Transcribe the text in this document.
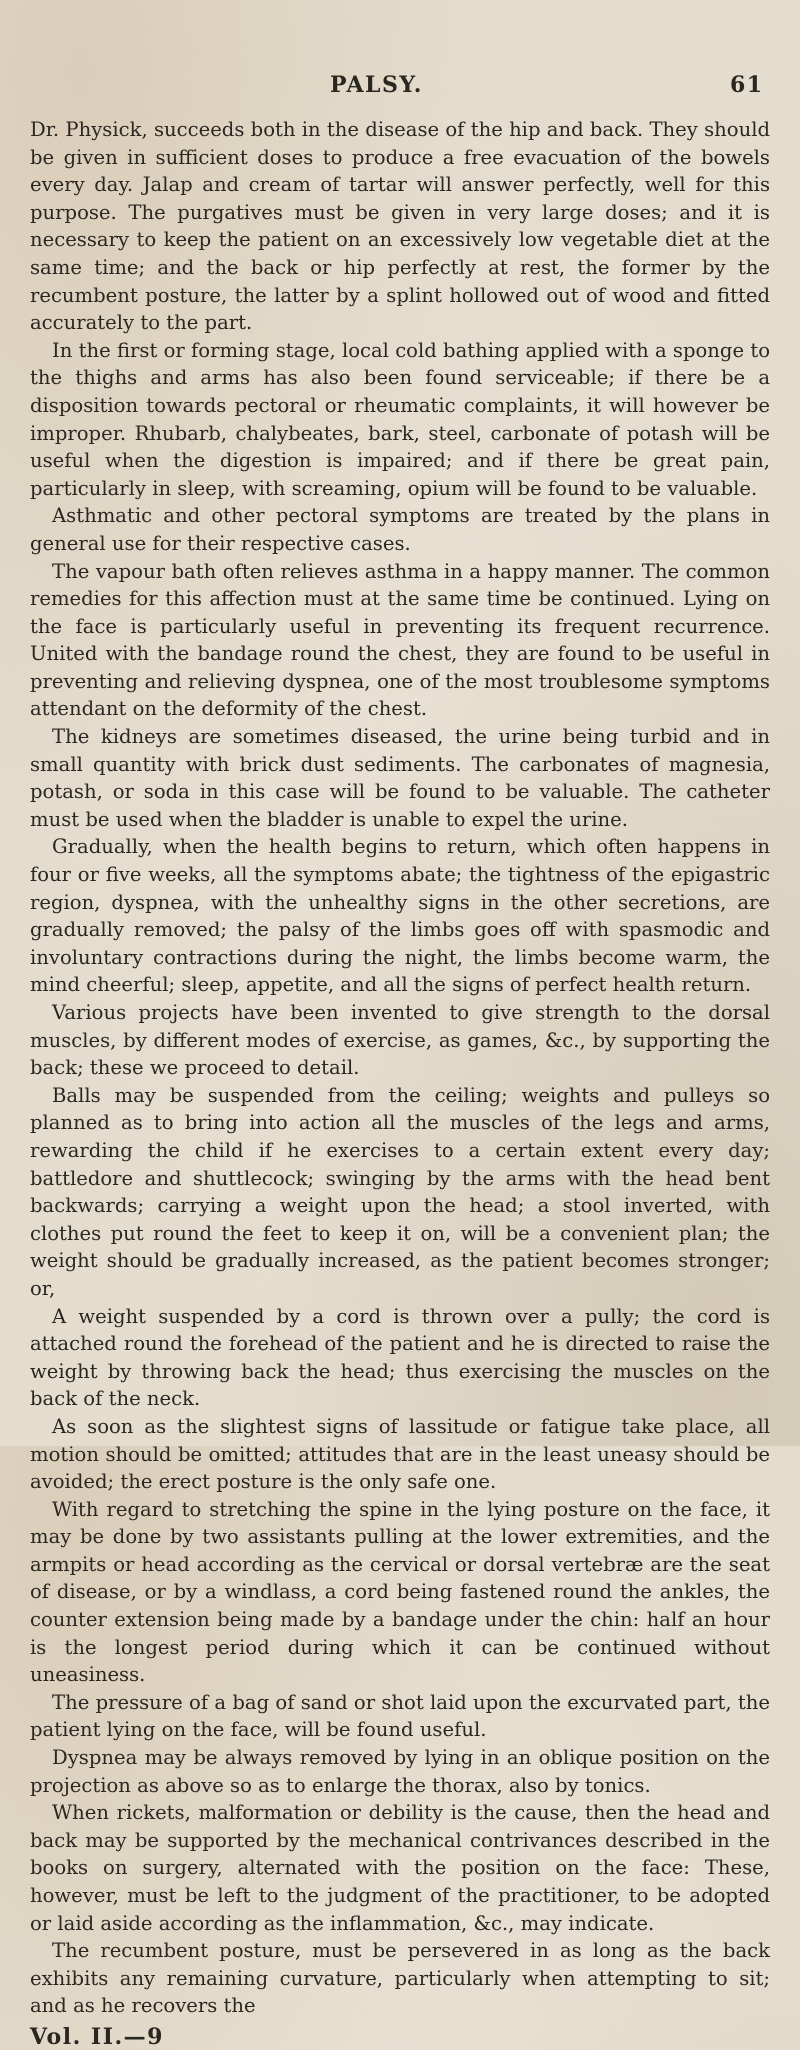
PALSY.	61

Dr. Physick, succeeds both in the disease of the hip and back. They should be given in sufficient doses to produce a free evacuation of the bowels every day. Jalap and cream of tartar will answer perfectly, well for this purpose. The purgatives must be given in very large doses; and it is necessary to keep the patient on an excessively low vegetable diet at the same time; and the back or hip perfectly at rest, the former by the recumbent posture, the latter by a splint hollowed out of wood and fitted accurately to the part.

In the first or forming stage, local cold bathing applied with a sponge to the thighs and arms has also been found serviceable; if there be a disposition towards pectoral or rheumatic complaints, it will however be improper. Rhubarb, chalybeates, bark, steel, carbonate of potash will be useful when the digestion is impaired; and if there be great pain, particularly in sleep, with screaming, opium will be found to be valuable.

Asthmatic and other pectoral symptoms are treated by the plans in general use for their respective cases.

The vapour bath often relieves asthma in a happy manner. The common remedies for this affection must at the same time be continued. Lying on the face is particularly useful in preventing its frequent recurrence. United with the bandage round the chest, they are found to be useful in preventing and relieving dyspnea, one of the most troublesome symptoms attendant on the deformity of the chest.

The kidneys are sometimes diseased, the urine being turbid and in small quantity with brick dust sediments. The carbonates of magnesia, potash, or soda in this case will be found to be valuable. The catheter must be used when the bladder is unable to expel the urine.

Gradually, when the health begins to return, which often happens in four or five weeks, all the symptoms abate; the tightness of the epigastric region, dyspnea, with the unhealthy signs in the other secretions, are gradually removed; the palsy of the limbs goes off with spasmodic and involuntary contractions during the night, the limbs become warm, the mind cheerful; sleep, appetite, and all the signs of perfect health return.

Various projects have been invented to give strength to the dorsal muscles, by different modes of exercise, as games, &c., by supporting the back; these we proceed to detail.

Balls may be suspended from the ceiling; weights and pulleys so planned as to bring into action all the muscles of the legs and arms, rewarding the child if he exercises to a certain extent every day; battledore and shuttlecock; swinging by the arms with the head bent backwards; carrying a weight upon the head; a stool inverted, with clothes put round the feet to keep it on, will be a convenient plan; the weight should be gradually increased, as the patient becomes stronger; or,

A weight suspended by a cord is thrown over a pully; the cord is attached round the forehead of the patient and he is directed to raise the weight by throwing back the head; thus exercising the muscles on the back of the neck.

As soon as the slightest signs of lassitude or fatigue take place, all motion should be omitted; attitudes that are in the least uneasy should be avoided; the erect posture is the only safe one.

With regard to stretching the spine in the lying posture on the face, it may be done by two assistants pulling at the lower extremities, and the armpits or head according as the cervical or dorsal vertebræ are the seat of disease, or by a windlass, a cord being fastened round the ankles, the counter extension being made by a bandage under the chin: half an hour is the longest period during which it can be continued without uneasiness.

The pressure of a bag of sand or shot laid upon the excurvated part, the patient lying on the face, will be found useful.

Dyspnea may be always removed by lying in an oblique position on the projection as above so as to enlarge the thorax, also by tonics.

When rickets, malformation or debility is the cause, then the head and back may be supported by the mechanical contrivances described in the books on surgery, alternated with the position on the face: These, however, must be left to the judgment of the practitioner, to be adopted or laid aside according as the inflammation, &c., may indicate.

The recumbent posture, must be persevered in as long as the back exhibits any remaining curvature, particularly when attempting to sit; and as he recovers the

Vol. II.—9
